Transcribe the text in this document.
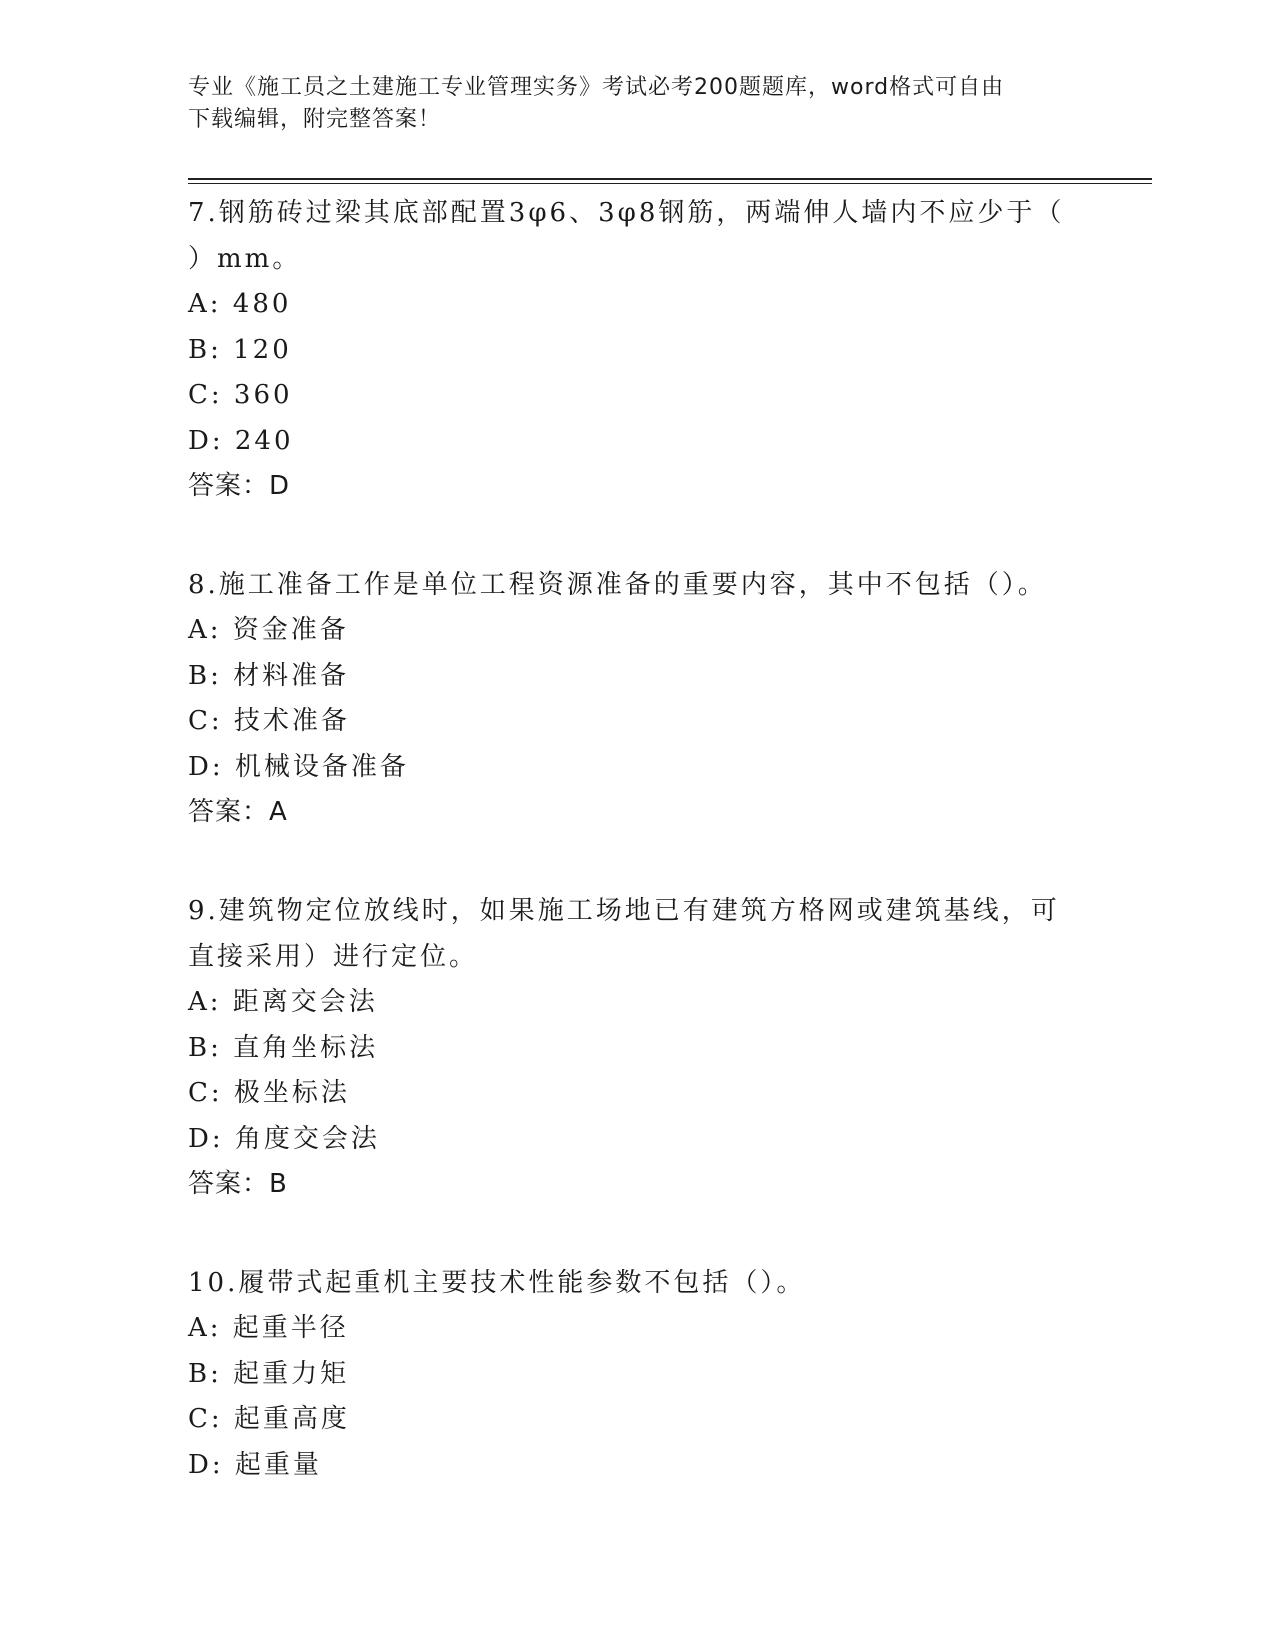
专业《施工员之土建施工专业管理实务》考试必考200题题库，word格式可自由
下载编辑，附完整答案！
7.钢筋砖过梁其底部配置3φ6、3φ8钢筋，两端伸人墙内不应少于（
）mm。
A: 480
B: 120
C: 360
D: 240
答案：D
8.施工准备工作是单位工程资源准备的重要内容，其中不包括（）。
A: 资金准备
B: 材料准备
C: 技术准备
D: 机械设备准备
答案：A
9.建筑物定位放线时，如果施工场地已有建筑方格网或建筑基线，可
直接采用）进行定位。
A: 距离交会法
B: 直角坐标法
C: 极坐标法
D: 角度交会法
答案：B
10.履带式起重机主要技术性能参数不包括（）。
A: 起重半径
B: 起重力矩
C: 起重高度
D: 起重量
